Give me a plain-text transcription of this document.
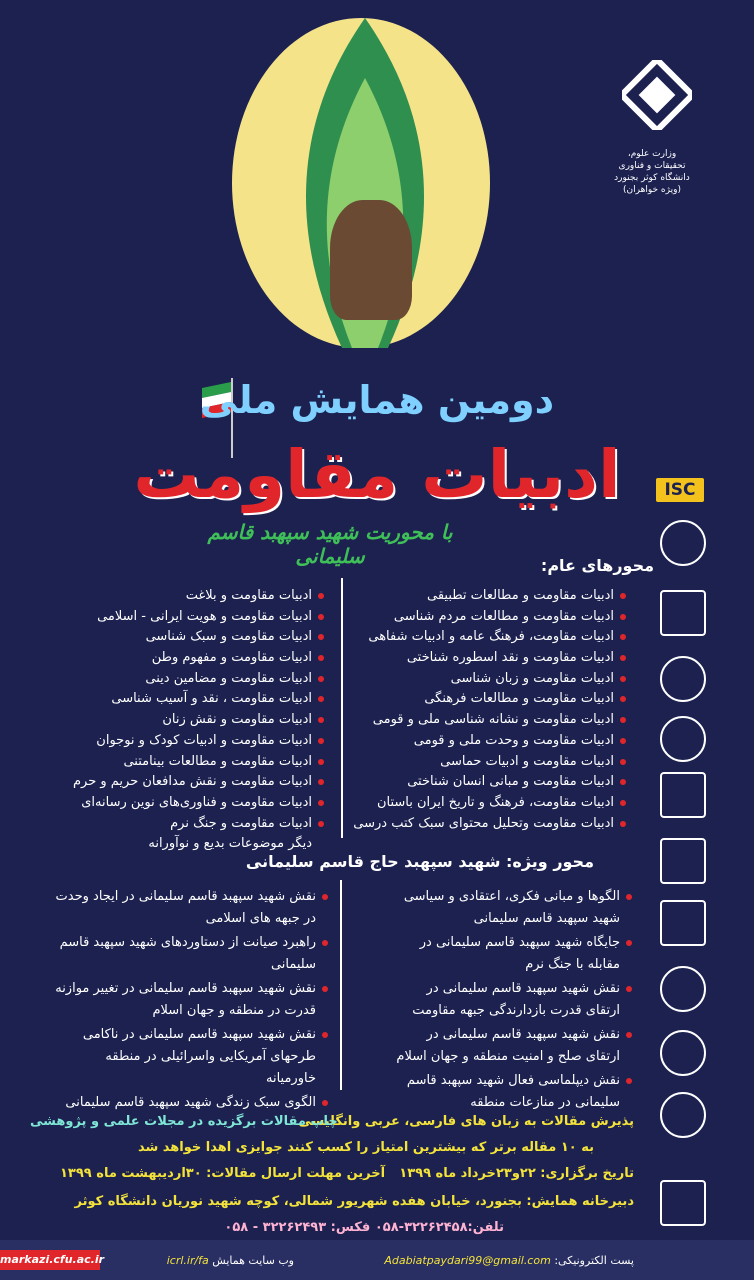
وزارت علوم، تحقیقات و فناوری دانشگاه کوثر بجنورد (ویژه خواهران)
دومین همایش ملی
ادبیات مقاومت
با محوریت شهید سپهبد قاسم سلیمانی
ISC
محورهای عام:
ادبیات مقاومت و مطالعات تطبیقی
ادبیات مقاومت و مطالعات مردم شناسی
ادبیات مقاومت، فرهنگ عامه و ادبیات شفاهی
ادبیات مقاومت و نقد اسطوره شناختی
ادبیات مقاومت و زبان شناسی
ادبیات مقاومت و مطالعات فرهنگی
ادبیات مقاومت و نشانه شناسی ملی و قومی
ادبیات مقاومت و وحدت ملی و قومی
ادبیات مقاومت و ادبیات حماسی
ادبیات مقاومت و مبانی انسان شناختی
ادبیات مقاومت، فرهنگ و تاریخ ایران باستان
ادبیات مقاومت وتحلیل محتوای سبک کتب درسی
ادبیات مقاومت و بلاغت
ادبیات مقاومت و هویت ایرانی - اسلامی
ادبیات مقاومت و سبک شناسی
ادبیات مقاومت و مفهوم وطن
ادبیات مقاومت و مضامین دینی
ادبیات مقاومت ، نقد و آسیب شناسی
ادبیات مقاومت و نقش زنان
ادبیات مقاومت و ادبیات کودک و نوجوان
ادبیات مقاومت و مطالعات بینامتنی
ادبیات مقاومت و نقش مدافعان حریم و حرم
ادبیات مقاومت و فناوری‌های نوین رسانه‌ای
ادبیات مقاومت و جنگ نرم
دیگر موضوعات بدیع و نوآورانه
محور ویژه: شهید سپهبد حاج قاسم سلیمانی
الگوها و مبانی فکری، اعتقادی و سیاسی شهید سپهبد قاسم سلیمانی
جایگاه شهید سپهبد قاسم سلیمانی در مقابله با جنگ نرم
نقش شهید سپهبد قاسم سلیمانی در ارتقای قدرت بازدارندگی جبهه مقاومت
نقش شهید سپهبد قاسم سلیمانی در ارتقای صلح و امنیت منطقه و جهان اسلام
نقش دیپلماسی فعال شهید سپهبد قاسم سلیمانی در منازعات منطقه
نقش شهید سپهبد قاسم سلیمانی در ایجاد وحدت در جبهه های اسلامی
راهبرد صیانت از دستاوردهای شهید سپهبد قاسم سلیمانی
نقش شهید سپهبد قاسم سلیمانی در تغییر موازنه قدرت در منطقه و جهان اسلام
نقش شهید سپهبد قاسم سلیمانی در ناکامی طرحهای آمریکایی واسرائیلی در منطقه خاورمیانه
الگوی سبک زندگی شهید سپهبد قاسم سلیمانی
پذیرش مقالات به زبان های فارسی، عربی وانگلیسی
چاپ مقالات برگزیده در مجلات علمی و پژوهشی
به ۱۰ مقاله برتر که بیشترین امتیاز را کسب کنند جوایزی اهدا خواهد شد
تاریخ برگزاری: ۲۲و۲۳خرداد ماه ۱۳۹۹
آخرین مهلت ارسال مقالات: ۳۰اردیبهشت ماه ۱۳۹۹
دبیرخانه همایش: بجنورد، خیابان هفده شهریور شمالی، کوچه شهید نوریان دانشگاه کوثر
تلفن:۳۲۲۶۲۴۵۸-۰۵۸ فکس: ۳۲۲۶۲۴۹۳ - ۰۵۸
پست الکترونیکی: Adabiatpaydari99@gmail.com
وب سایت همایش icrl.ir/fa
markazi.cfu.ac.ir
